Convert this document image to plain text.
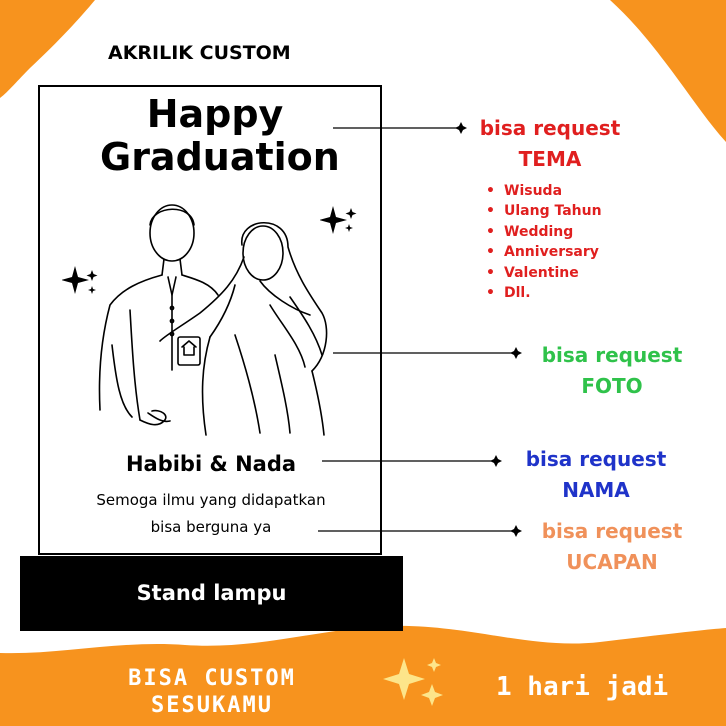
AKRILIK CUSTOM
Happy
Graduation
Habibi & Nada
Semoga ilmu yang didapatkan
bisa berguna ya
Stand lampu
bisa request
TEMA
• Wisuda
• Ulang Tahun
• Wedding
• Anniversary
• Valentine
• Dll.
bisa request
FOTO
bisa request
NAMA
bisa request
UCAPAN
BISA CUSTOM
SESUKAMU
1 hari jadi
